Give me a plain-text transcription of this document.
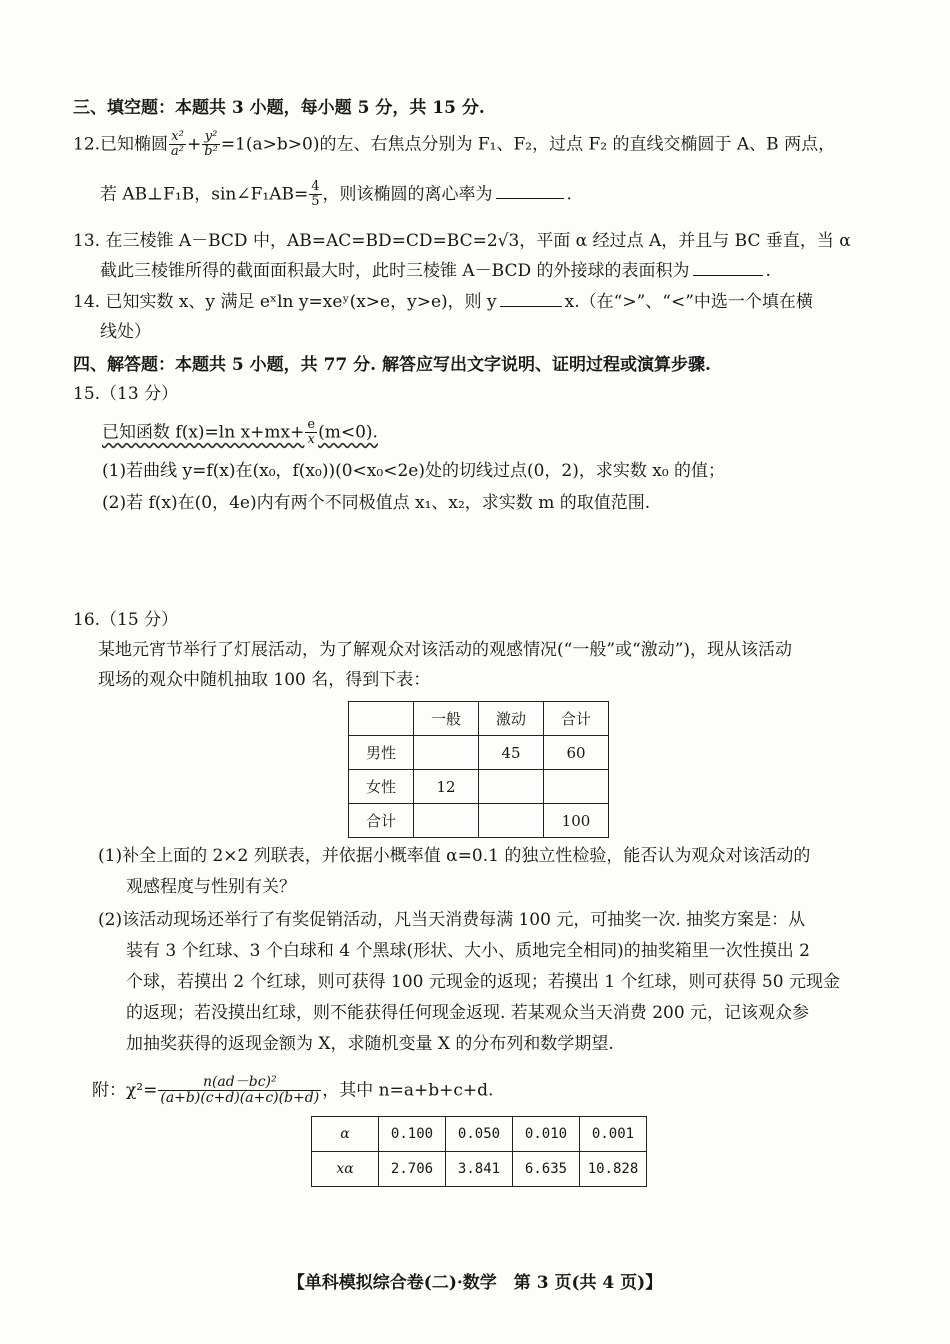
三、填空题：本题共 3 小题，每小题 5 分，共 15 分.
12.已知椭圆 $\frac{\text{x²}}{\text{a²}} + \frac{\text{y²}}{\text{b²}} =1(a>b>0)$的左、右焦点分别为 F₁、F₂，过点 F₂ 的直线交椭圆于 A、B 两点，
若 AB⊥F₁B，sin∠F₁AB= $\frac{4}{5}$ ，则该椭圆的离心率为	.
13. 在三棱锥 A－BCD 中，AB=AC=BD=CD=BC=2√3，平面 α 经过点 A，并且与 BC 垂直，当 α
截此三棱锥所得的截面面积最大时，此时三棱锥 A－BCD 的外接球的表面积为	.
14. 已知实数 x、y 满足 eˣln y=xeʸ(x>e，y>e)，则 y	x.（在“>”、“<”中选一个填在横
线处）
四、解答题：本题共 5 小题，共 77 分. 解答应写出文字说明、证明过程或演算步骤.
15.（13 分）
已知函数 f(x)=ln $x+mx+ \frac{e}{x} (m<0)$.
(1)若曲线 y=f(x)在(x₀，f(x₀))(0<x₀<2e)处的切线过点(0，2)，求实数 x₀ 的值；
(2)若 f(x)在(0，4e)内有两个不同极值点 x₁、x₂，求实数 m 的取值范围.
16.（15 分）
某地元宵节举行了灯展活动，为了解观众对该活动的观感情况(“一般”或“激动”)，现从该活动
现场的观众中随机抽取 100 名，得到下表：
	一般	激动	合计
男性		45	60
女性	12		
合计			100
(1)补全上面的 2×2 列联表，并依据小概率值 α=0.1 的独立性检验，能否认为观众对该活动的
观感程度与性别有关？
(2)该活动现场还举行了有奖促销活动，凡当天消费每满 100 元，可抽奖一次. 抽奖方案是：从
装有 3 个红球、3 个白球和 4 个黑球(形状、大小、质地完全相同)的抽奖箱里一次性摸出 2
个球，若摸出 2 个红球，则可获得 100 元现金的返现；若摸出 1 个红球，则可获得 50 元现金
的返现；若没摸出红球，则不能获得任何现金返现. 若某观众当天消费 200 元，记该观众参
加抽奖获得的返现金额为 X，求随机变量 X 的分布列和数学期望.
附：$\chi^2= \frac{\text{n(ad－bc)²}}{(a+b)(c+d)(a+c)(b+d)}$ ，其中 n=a+b+c+d.
α	0.100	0.050	0.010	0.001
xα	2.706	3.841	6.635	10.828
【单科模拟综合卷(二)·数学　第 3 页(共 4 页)】
